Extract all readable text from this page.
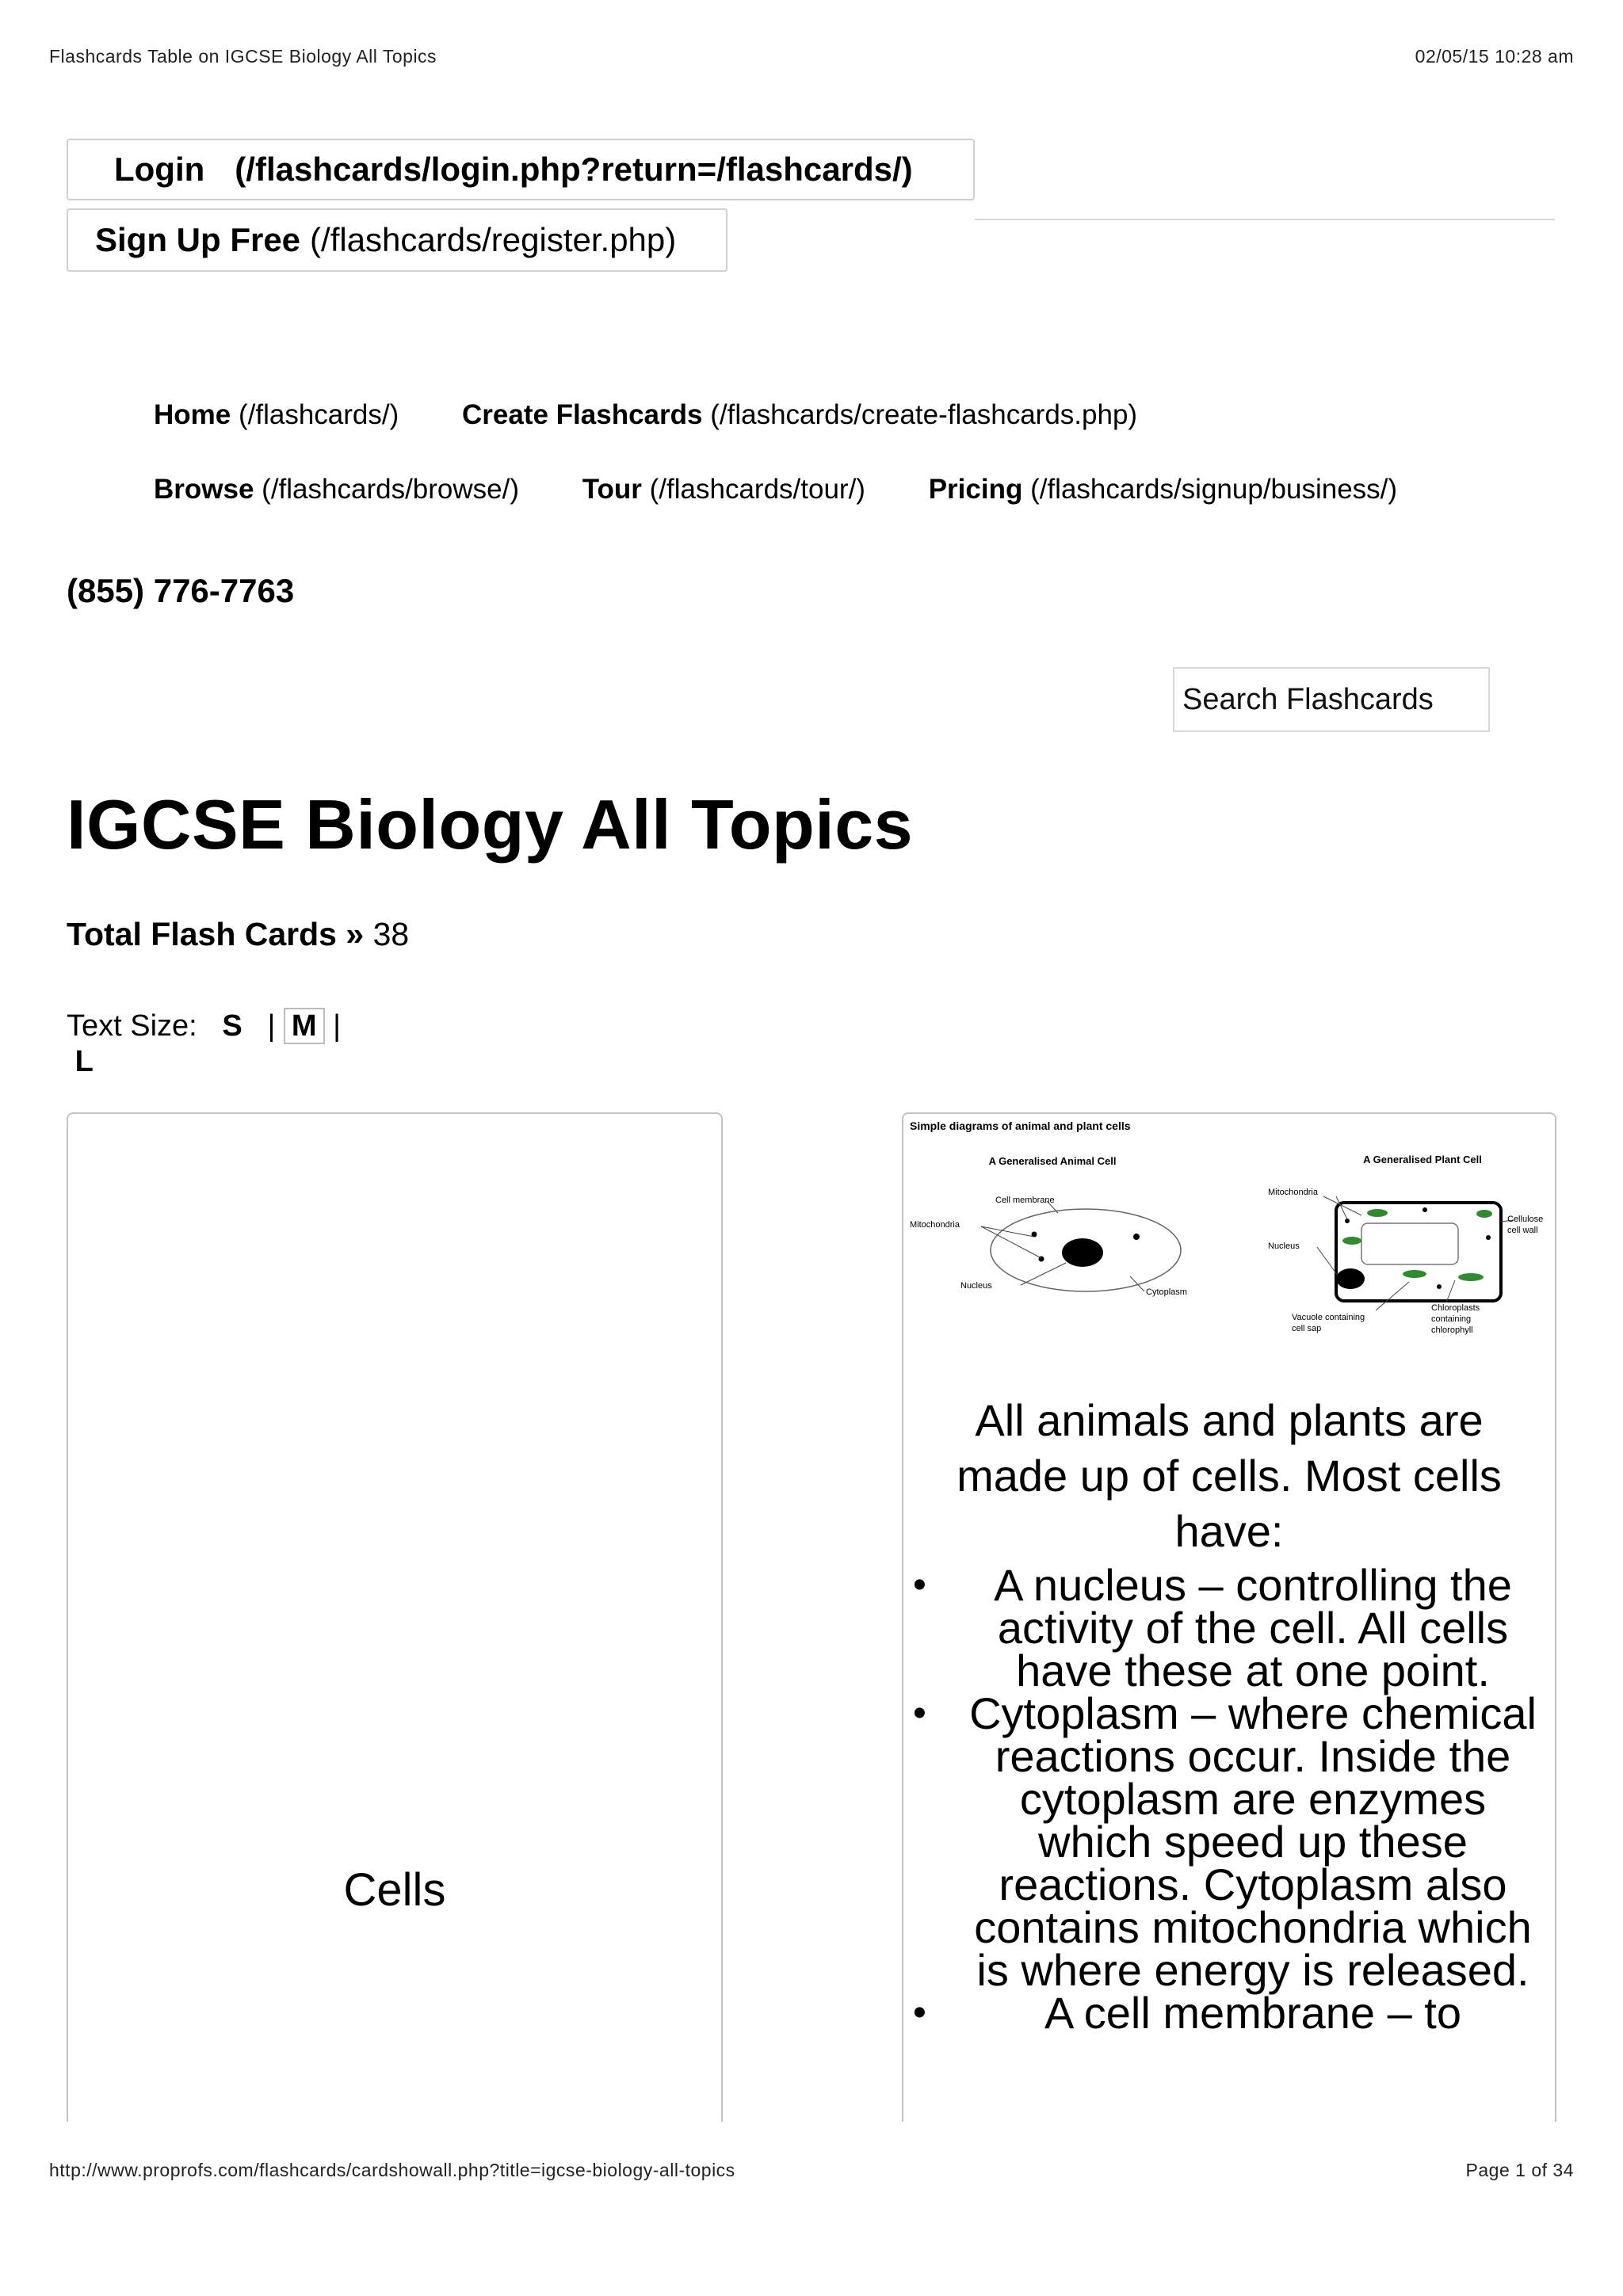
Flashcards Table on IGCSE Biology All Topics	02/05/15 10:28 am
Login (/flashcards/login.php?return=/flashcards/)
Sign Up Free (/flashcards/register.php)
Home (/flashcards/) Create Flashcards (/flashcards/create-flashcards.php)
Browse (/flashcards/browse/) Tour (/flashcards/tour/) Pricing (/flashcards/signup/business/)
(855) 776-7763
Search Flashcards
IGCSE Biology All Topics
Total Flash Cards » 38
Text Size: S | M |
L
Cells
Simple diagrams of animal and plant cells
A Generalised Animal Cell	A Generalised Plant Cell
Cell membrane
Mitochondria
Nucleus
Cytoplasm
Mitochondria
Nucleus
Cellulose
cell wall
Vacuole containing
cell sap
Chloroplasts
containing
chlorophyll
All animals and plants are made up of cells. Most cells have:
• A nucleus – controlling the activity of the cell. All cells have these at one point.
• Cytoplasm – where chemical reactions occur. Inside the cytoplasm are enzymes which speed up these reactions. Cytoplasm also contains mitochondria which is where energy is released.
•	A cell membrane – to
http://www.proprofs.com/flashcards/cardshowall.php?title=igcse-biology-all-topics	Page 1 of 34
